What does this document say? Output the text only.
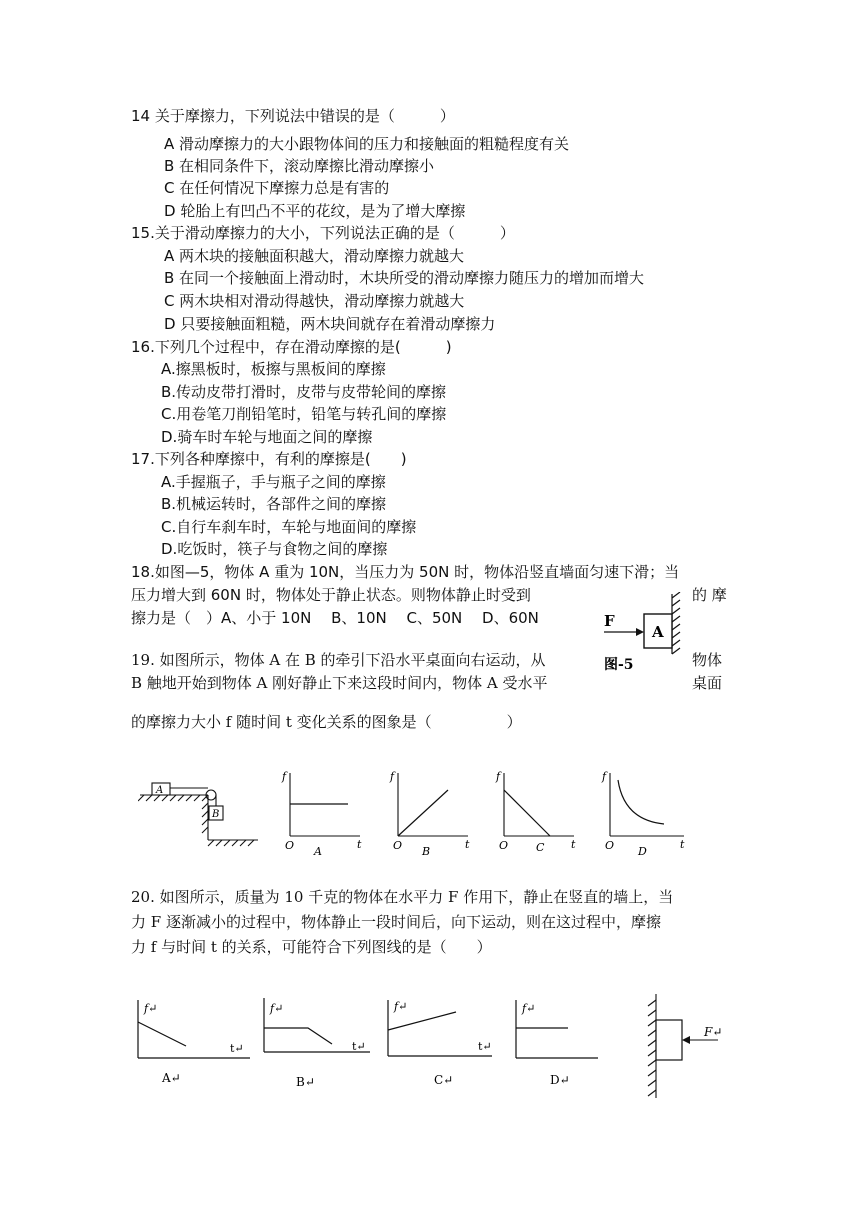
14 关于摩擦力，下列说法中错误的是（　　　）
A 滑动摩擦力的大小跟物体间的压力和接触面的粗糙程度有关
B 在相同条件下，滚动摩擦比滑动摩擦小
C 在任何情况下摩擦力总是有害的
D 轮胎上有凹凸不平的花纹，是为了增大摩擦
15.关于滑动摩擦力的大小，下列说法正确的是（　　　）
A 两木块的接触面积越大，滑动摩擦力就越大
B 在同一个接触面上滑动时，木块所受的滑动摩擦力随压力的增加而增大
C 两木块相对滑动得越快，滑动摩擦力就越大
D 只要接触面粗糙，两木块间就存在着滑动摩擦力
16.下列几个过程中，存在滑动摩擦的是(　　　)
A.擦黑板时，板擦与黑板间的摩擦
B.传动皮带打滑时，皮带与皮带轮间的摩擦
C.用卷笔刀削铅笔时，铅笔与转孔间的摩擦
D.骑车时车轮与地面之间的摩擦
17.下列各种摩擦中，有利的摩擦是(　　)
A.手握瓶子，手与瓶子之间的摩擦
B.机械运转时，各部件之间的摩擦
C.自行车刹车时，车轮与地面间的摩擦
D.吃饭时，筷子与食物之间的摩擦
18.如图—5，物体 A 重为 10N，当压力为 50N 时，物体沿竖直墙面匀速下滑；当
压力增大到 60N 时，物体处于静止状态。则物体静止时受到	的 摩
擦力是（　）A、小于 10N　 B、10N　 C、50N　 D、60N	F
A
图-5
19. 如图所示，物体 A 在 B 的牵引下沿水平桌面向右运动，从	物体
B 触地开始到物体 A 刚好静止下来这段时间内，物体 A 受水平	桌面
的摩擦力大小 f 随时间 t 变化关系的图象是（　　　　　）
A
B
f
t
O A
f
t
O B
f
t
O	C
f
t
O D
20. 如图所示，质量为 10 千克的物体在水平力 F 作用下，静止在竖直的墙上，当
力 F 逐渐减小的过程中，物体静止一段时间后，向下运动，则在这过程中，摩擦
力 f 与时间 t 的关系，可能符合下列图线的是（　　）
f↵
t↵
A↵
f↵
t↵
B↵
f↵
t↵
C↵
f↵
D↵
F↵
